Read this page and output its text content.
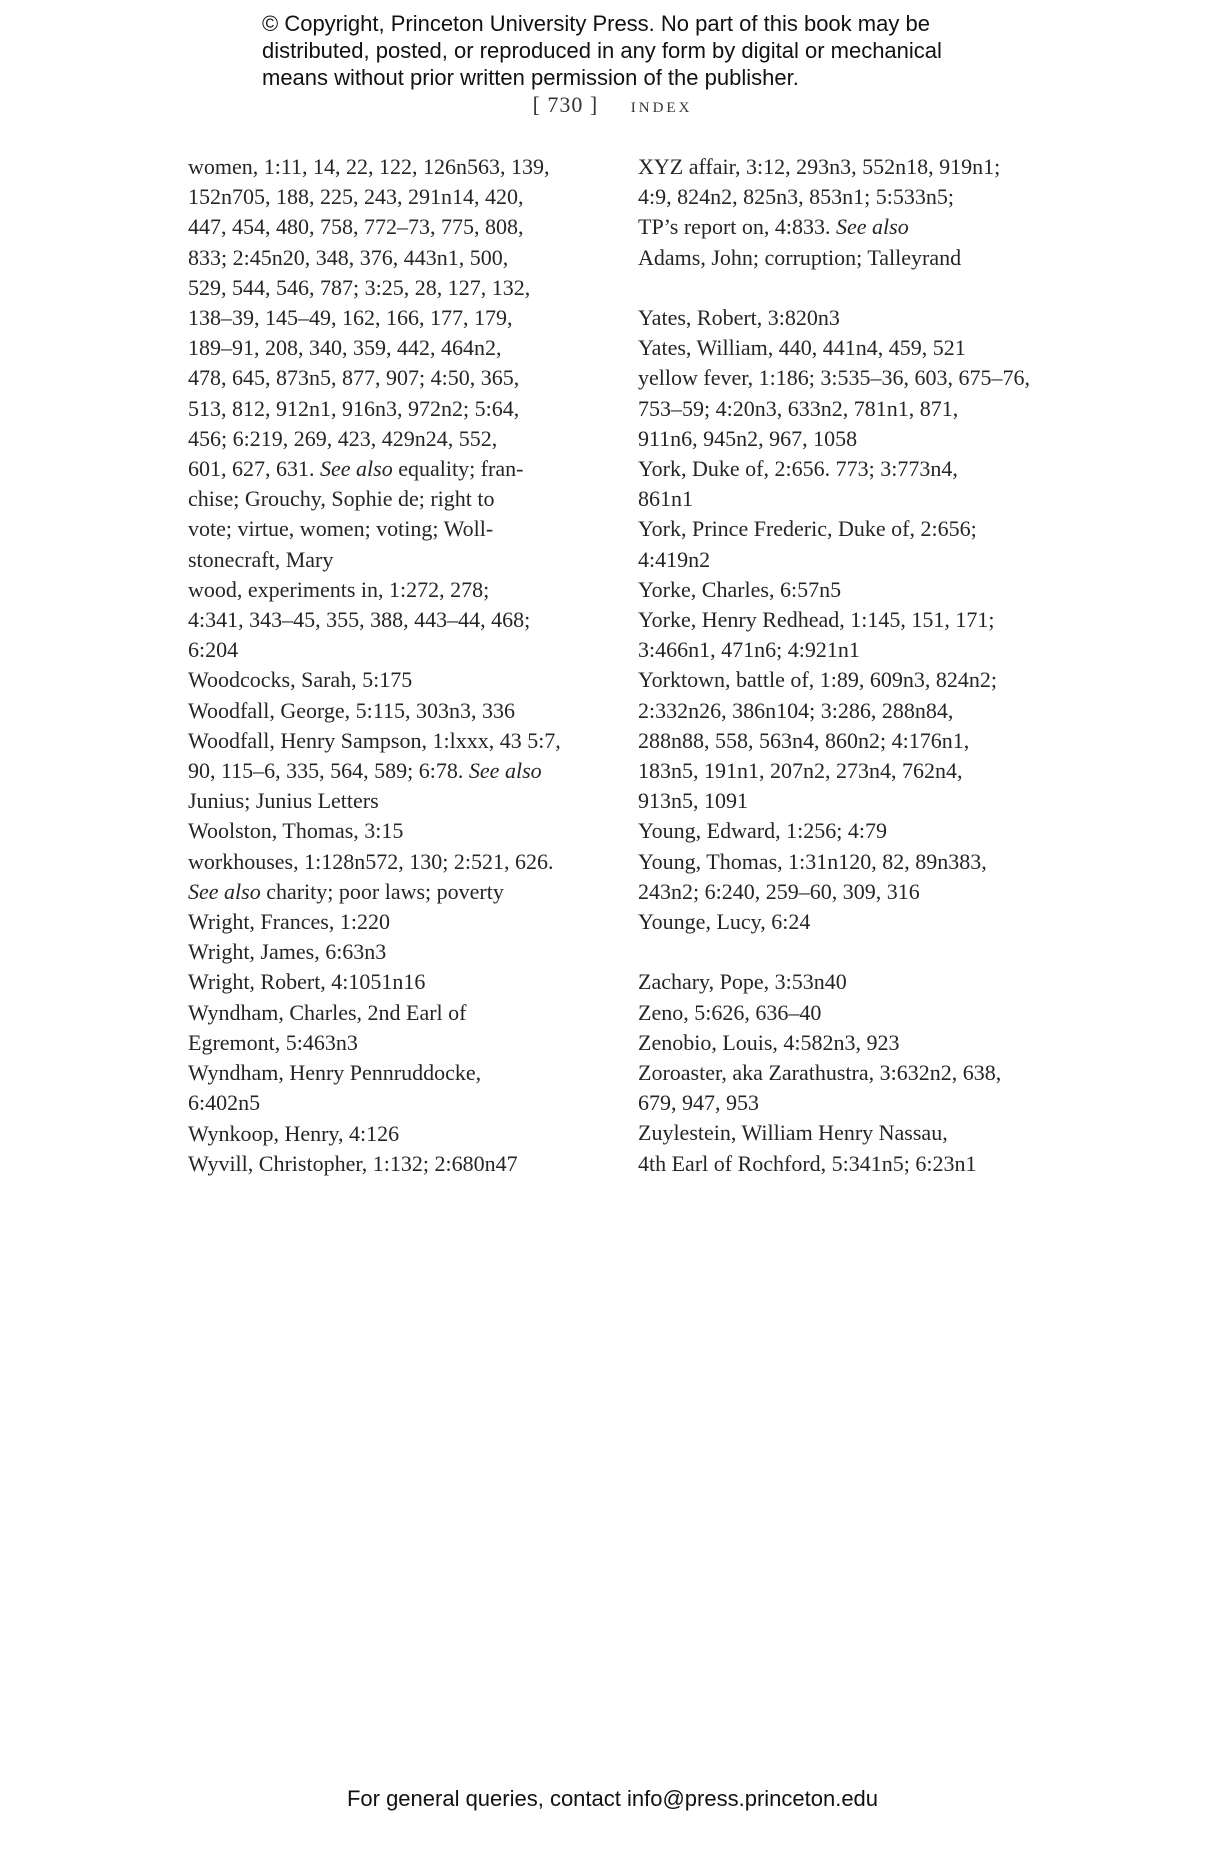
© Copyright, Princeton University Press. No part of this book may be
distributed, posted, or reproduced in any form by digital or mechanical
means without prior written permission of the publisher.
[ 730 ] index
women, 1:11, 14, 22, 122, 126n563, 139,
152n705, 188, 225, 243, 291n14, 420,
447, 454, 480, 758, 772–73, 775, 808,
833; 2:45n20, 348, 376, 443n1, 500,
529, 544, 546, 787; 3:25, 28, 127, 132,
138–39, 145–49, 162, 166, 177, 179,
189–91, 208, 340, 359, 442, 464n2,
478, 645, 873n5, 877, 907; 4:50, 365,
513, 812, 912n1, 916n3, 972n2; 5:64,
456; 6:219, 269, 423, 429n24, 552,
601, 627, 631. See also equality; fran-
chise; Grouchy, Sophie de; right to
vote; virtue, women; voting; Woll-
stonecraft, Mary
wood, experiments in, 1:272, 278;
4:341, 343–45, 355, 388, 443–44, 468;
6:204
Woodcocks, Sarah, 5:175
Woodfall, George, 5:115, 303n3, 336
Woodfall, Henry Sampson, 1:lxxx, 43 5:7,
90, 115–6, 335, 564, 589; 6:78. See also
Junius; Junius Letters
Woolston, Thomas, 3:15
workhouses, 1:128n572, 130; 2:521, 626.
See also charity; poor laws; poverty
Wright, Frances, 1:220
Wright, James, 6:63n3
Wright, Robert, 4:1051n16
Wyndham, Charles, 2nd Earl of
Egremont, 5:463n3
Wyndham, Henry Pennruddocke,
6:402n5
Wynkoop, Henry, 4:126
Wyvill, Christopher, 1:132; 2:680n47
XYZ affair, 3:12, 293n3, 552n18, 919n1;
4:9, 824n2, 825n3, 853n1; 5:533n5;
TP’s report on, 4:833. See also
Adams, John; corruption; Talleyrand
Yates, Robert, 3:820n3
Yates, William, 440, 441n4, 459, 521
yellow fever, 1:186; 3:535–36, 603, 675–76,
753–59; 4:20n3, 633n2, 781n1, 871,
911n6, 945n2, 967, 1058
York, Duke of, 2:656. 773; 3:773n4,
861n1
York, Prince Frederic, Duke of, 2:656;
4:419n2
Yorke, Charles, 6:57n5
Yorke, Henry Redhead, 1:145, 151, 171;
3:466n1, 471n6; 4:921n1
Yorktown, battle of, 1:89, 609n3, 824n2;
2:332n26, 386n104; 3:286, 288n84,
288n88, 558, 563n4, 860n2; 4:176n1,
183n5, 191n1, 207n2, 273n4, 762n4,
913n5, 1091
Young, Edward, 1:256; 4:79
Young, Thomas, 1:31n120, 82, 89n383,
243n2; 6:240, 259–60, 309, 316
Younge, Lucy, 6:24
Zachary, Pope, 3:53n40
Zeno, 5:626, 636–40
Zenobio, Louis, 4:582n3, 923
Zoroaster, aka Zarathustra, 3:632n2, 638,
679, 947, 953
Zuylestein, William Henry Nassau,
4th Earl of Rochford, 5:341n5; 6:23n1
For general queries, contact info@press.princeton.edu
